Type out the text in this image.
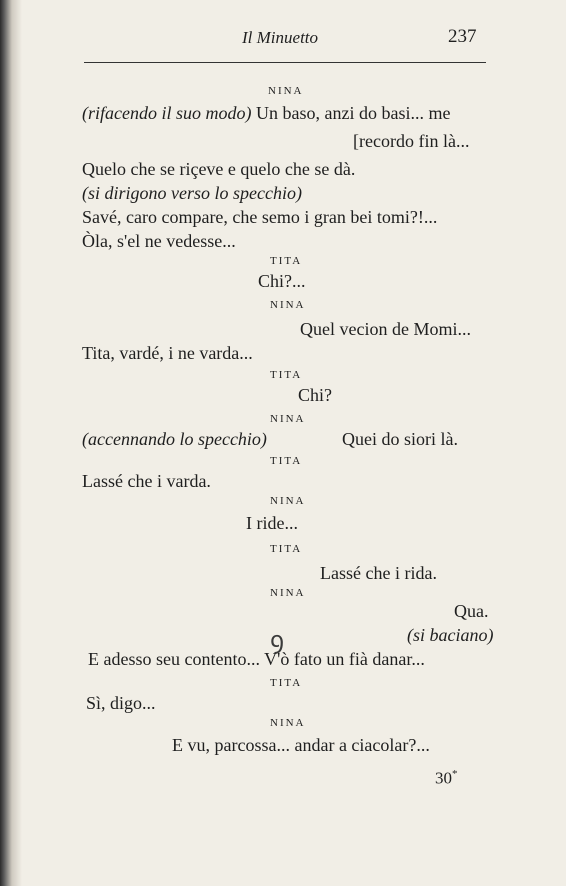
Il Minuetto	237
NINA
(rifacendo il suo modo) Un baso, anzi do basi... me
[recordo fin là...
Quelo che se riçeve e quelo che se dà.
(si dirigono verso lo specchio)
Savé, caro compare, che semo i gran bei tomi?!...
Òla, s'el ne vedesse...
TITA
Chi?...
NINA
Quel vecion de Momi...
Tita, vardé, i ne varda...
TITA
Chi?
NINA
(accennando lo specchio)	Quei do siori là.
TITA
Lassé che i varda.
NINA
I ride...
TITA
Lassé che i rida.
NINA
Qua.
(si baciano)
ꝯ
E adesso seu contento... V'ò fato un fià danar...
TITA
Sì, digo...
NINA
E vu, parcossa... andar a ciacolar?...
30*
